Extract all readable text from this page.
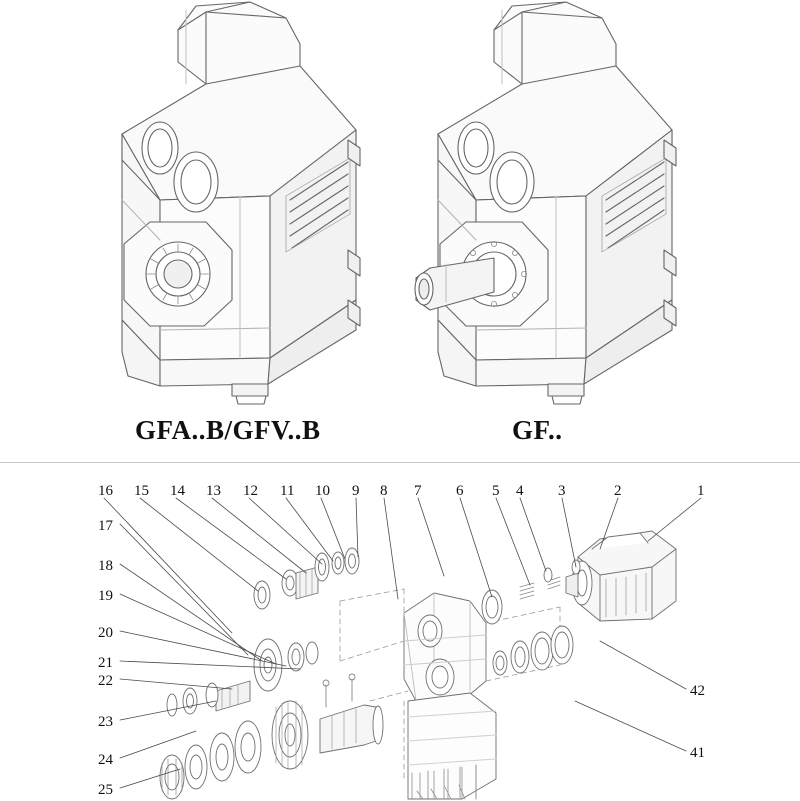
GFA..B/GFV..B	GF..
16 15 14 13 12 11 10 9 8 7 6 5 4 3	2	1
17
18
19
20
21
22
23
24
25
42
41
